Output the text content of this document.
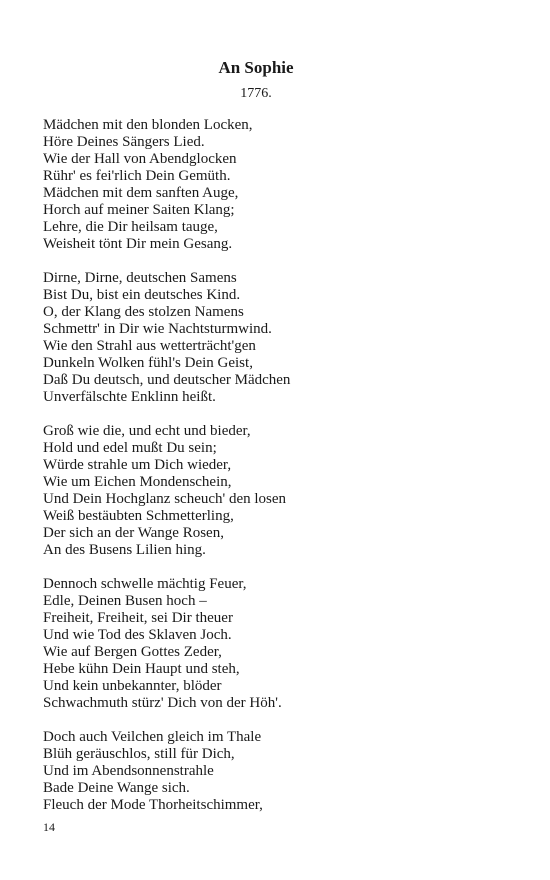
An Sophie
1776.
Mädchen mit den blonden Locken,
Höre Deines Sängers Lied.
Wie der Hall von Abendglocken
Rühr' es fei'rlich Dein Gemüth.
Mädchen mit dem sanften Auge,
Horch auf meiner Saiten Klang;
Lehre, die Dir heilsam tauge,
Weisheit tönt Dir mein Gesang.
Dirne, Dirne, deutschen Samens
Bist Du, bist ein deutsches Kind.
O, der Klang des stolzen Namens
Schmettr' in Dir wie Nachtsturmwind.
Wie den Strahl aus wetterträcht'gen
Dunkeln Wolken fühl's Dein Geist,
Daß Du deutsch, und deutscher Mädchen
Unverfälschte Enklinn heißt.
Groß wie die, und echt und bieder,
Hold und edel mußt Du sein;
Würde strahle um Dich wieder,
Wie um Eichen Mondenschein,
Und Dein Hochglanz scheuch' den losen
Weiß bestäubten Schmetterling,
Der sich an der Wange Rosen,
An des Busens Lilien hing.
Dennoch schwelle mächtig Feuer,
Edle, Deinen Busen hoch –
Freiheit, Freiheit, sei Dir theuer
Und wie Tod des Sklaven Joch.
Wie auf Bergen Gottes Zeder,
Hebe kühn Dein Haupt und steh,
Und kein unbekannter, blöder
Schwachmuth stürz' Dich von der Höh'.
Doch auch Veilchen gleich im Thale
Blüh geräuschlos, still für Dich,
Und im Abendsonnenstrahle
Bade Deine Wange sich.
Fleuch der Mode Thorheitschimmer,
14
